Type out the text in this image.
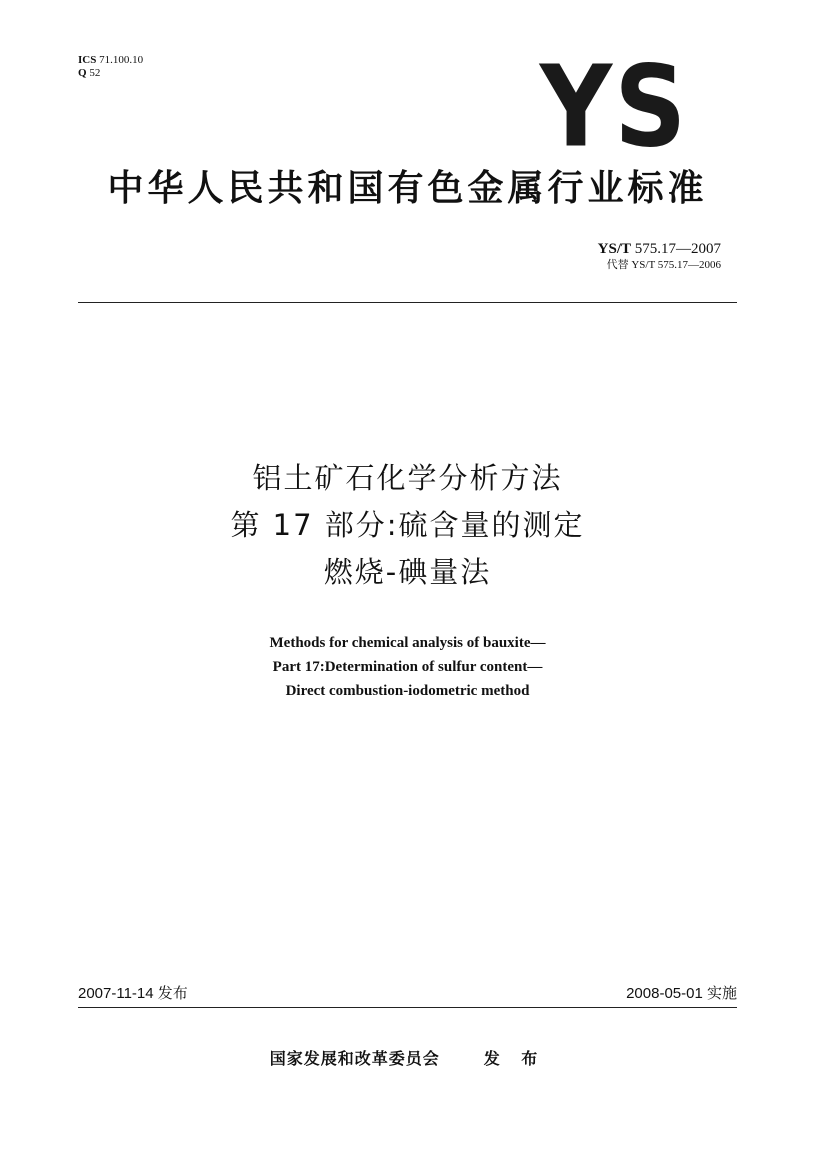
ICS 71.100.10
Q 52	YS
中华人民共和国有色金属行业标准
YS/T 575.17—2007
代替 YS/T 575.17—2006
铝土矿石化学分析方法
第 17 部分:硫含量的测定
燃烧-碘量法
Methods for chemical analysis of bauxite—
Part 17:Determination of sulfur content—
Direct combustion-iodometric method
2007-11-14 发布	2008-05-01 实施
国家发展和改革委员会	发 布
